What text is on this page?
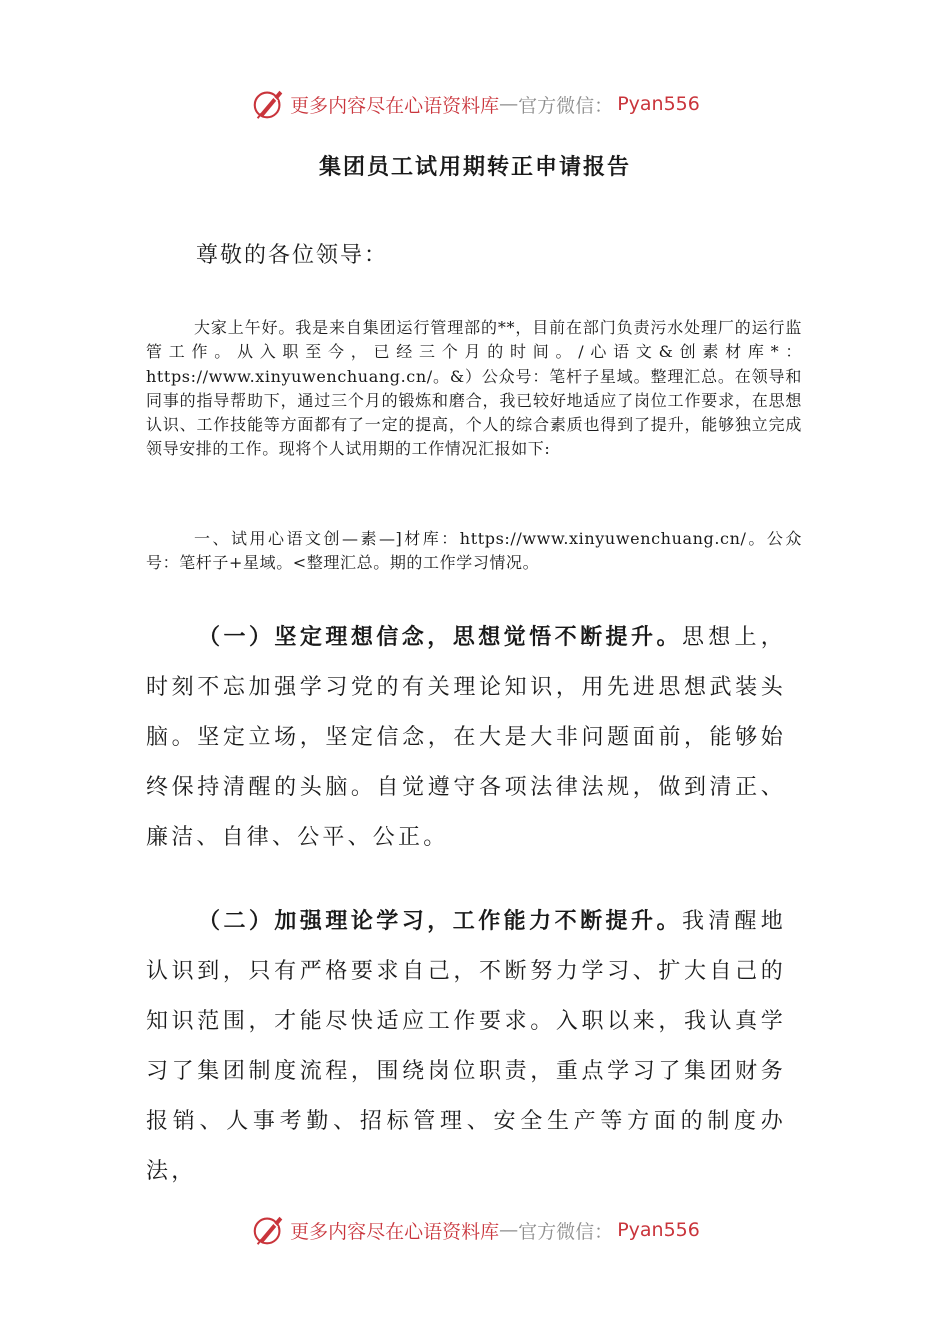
更多内容尽在心语资料库 — 官方微信： Pyan556
集团员工试用期转正申请报告
尊敬的各位领导：
大家上午好。我是来自集团运行管理部的**，目前在部门负责污水处理厂的运行监管工作。从入职至今，已经三个月的时间。/心语文&创素材库*：https://www.xinyuwenchuang.cn/。&）公众号：笔杆子星域。整理汇总。在领导和同事的指导帮助下，通过三个月的锻炼和磨合，我已较好地适应了岗位工作要求，在思想认识、工作技能等方面都有了一定的提高，个人的综合素质也得到了提升，能够独立完成领导安排的工作。现将个人试用期的工作情况汇报如下:
一、试用心语文创—素—]材库：https://www.xinyuwenchuang.cn/。公众号：笔杆子+星域。<整理汇总。期的工作学习情况。
（一）坚定理想信念，思想觉悟不断提升。思想上，时刻不忘加强学习党的有关理论知识，用先进思想武装头脑。坚定立场，坚定信念，在大是大非问题面前，能够始终保持清醒的头脑。自觉遵守各项法律法规，做到清正、廉洁、自律、公平、公正。
（二）加强理论学习，工作能力不断提升。我清醒地认识到，只有严格要求自己，不断努力学习、扩大自己的知识范围，才能尽快适应工作要求。入职以来，我认真学习了集团制度流程，围绕岗位职责，重点学习了集团财务报销、人事考勤、招标管理、安全生产等方面的制度办法，
更多内容尽在心语资料库 — 官方微信： Pyan556
